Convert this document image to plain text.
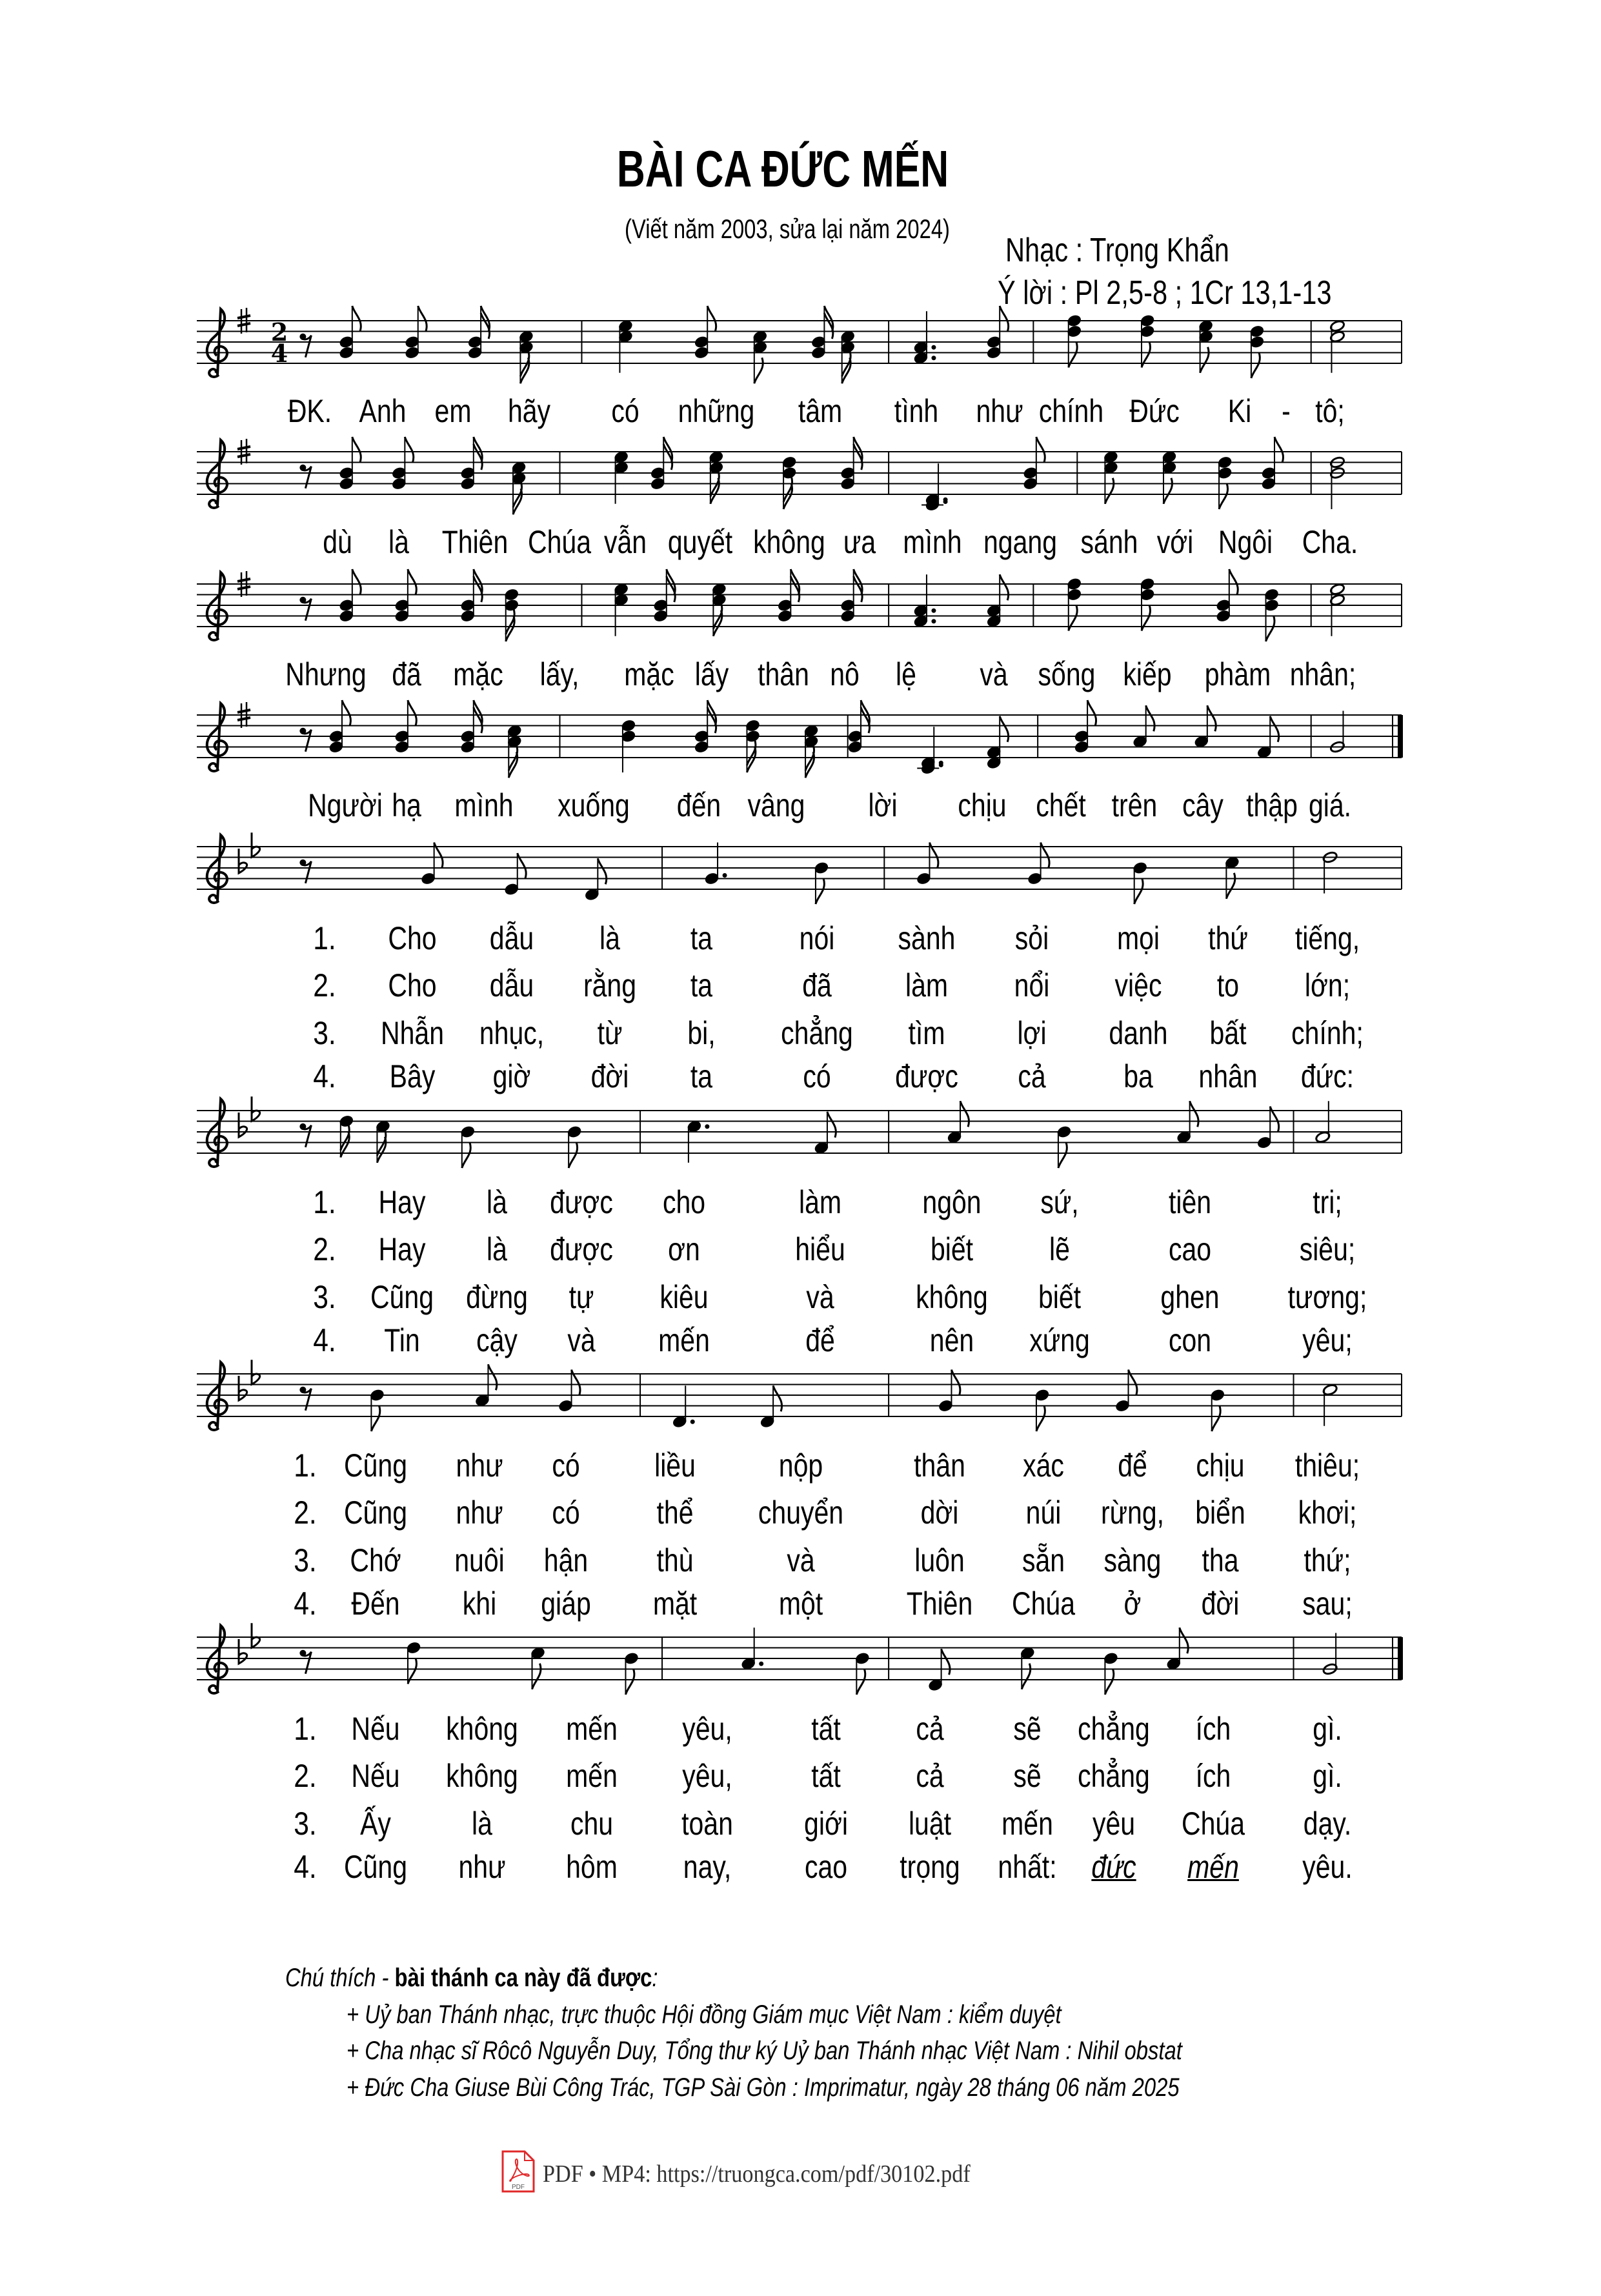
BÀI CA ĐỨC MẾN
(Viết năm 2003, sửa lại năm 2024)
Nhạc : Trọng Khẩn
Ý lời : Pl 2,5-8 ; 1Cr 13,1-13
2
4
ĐK. Anh em hãy có những tâm tình như chính Đức Ki - tô;
dù là Thiên Chúa vẫn quyết không ưa mình ngang sánh với Ngôi Cha.
Nhưng đã mặc lấy, mặc lấy thân nô lệ và sống kiếp phàm nhân;
Người hạ mình xuống đến vâng lời chịu chết trên cây thập giá.
1. Cho dẫu là ta	nói sành sỏi mọi thứ tiếng,
2. Cho dẫu rằng ta	đã làm nổi việc to lớn;
3. Nhẫn nhục, từ bi, chẳng tìm lợi danh bất chính;
4. Bây giờ đời ta	có được cả ba nhân đức:
1. Hay là được cho	làm	ngôn sứ,	tiên	tri;
2. Hay là được ơn	hiểu	biết lẽ	cao	siêu;
3. Cũng đừng tự kiêu	và	không biết ghen tương;
4. Tin cậy và mến	để	nên xứng con	yêu;
1. Cũng như có liều	nộp	thân xác để chịu thiêu;
2. Cũng như có thể chuyển dời núi rừng, biển khơi;
3. Chớ nuôi hận thù	và	luôn sẵn sàng tha thứ;
4. Đến khi giáp mặt	một	Thiên Chúa ở đời sau;
1. Nếu không mến yêu, tất cả sẽ chẳng ích	gì.
2. Nếu không mến yêu, tất cả sẽ chẳng ích	gì.
3. Ấy	là chu toàn giới luật mến yêu Chúa dạy.
4. Cũng như hôm nay, cao trọng nhất: đức mến yêu.
Chú thích - bài thánh ca này đã được:
+ Uỷ ban Thánh nhạc, trực thuộc Hội đồng Giám mục Việt Nam : kiểm duyệt
+ Cha nhạc sĩ Rôcô Nguyễn Duy, Tổng thư ký Uỷ ban Thánh nhạc Việt Nam : Nihil obstat
+ Đức Cha Giuse Bùi Công Trác, TGP Sài Gòn : Imprimatur, ngày 28 tháng 06 năm 2025
PDF PDF • MP4: https://truongca.com/pdf/30102.pdf
